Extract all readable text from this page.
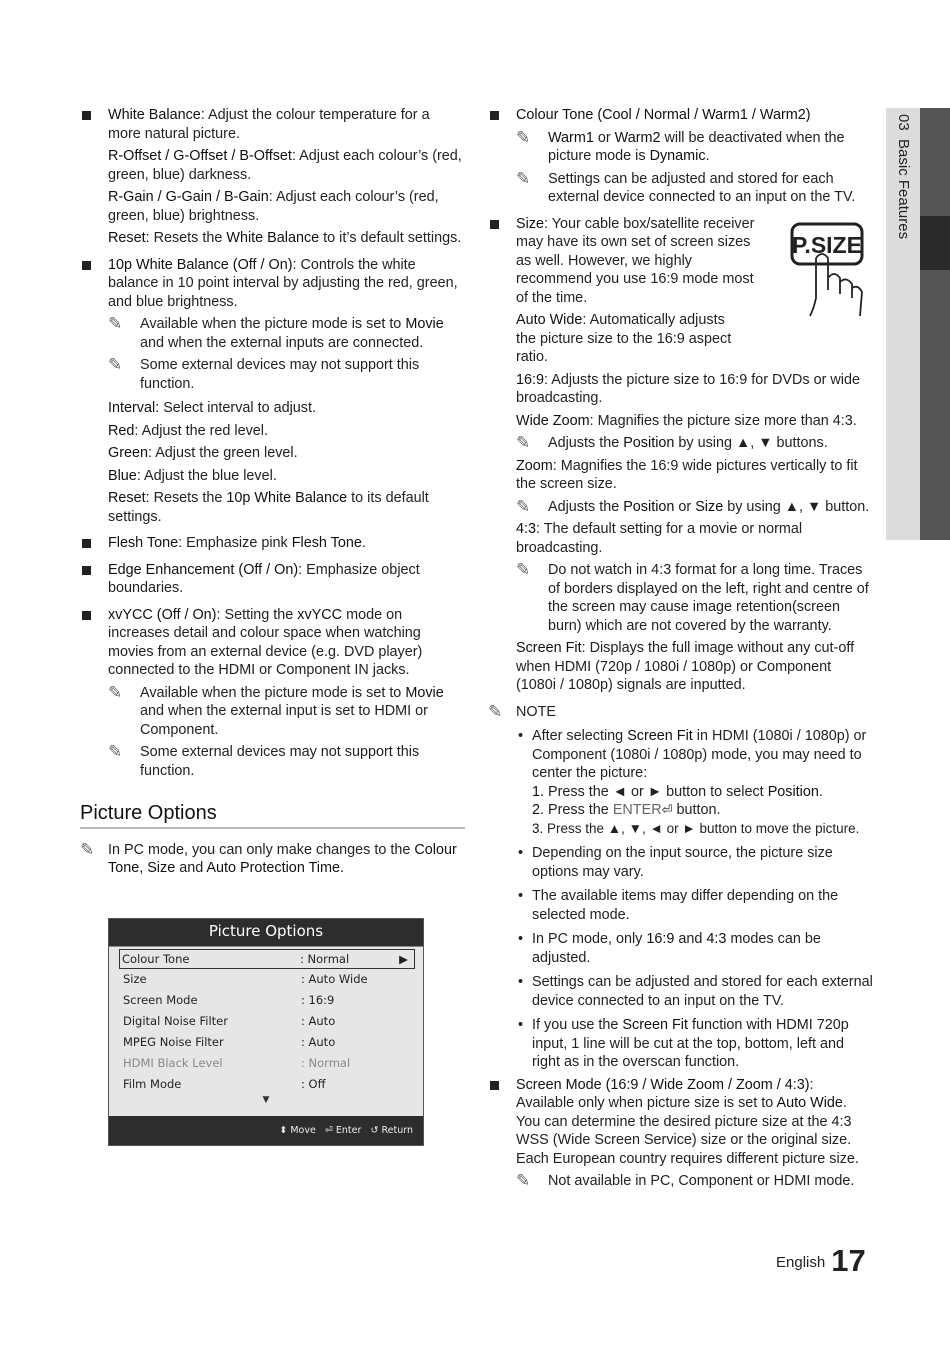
03  Basic Features
White Balance: Adjust the colour temperature for a more natural picture.
R-Offset / G-Offset / B-Offset: Adjust each colour’s (red, green, blue) darkness.
R-Gain / G-Gain / B-Gain: Adjust each colour’s (red, green, blue) brightness.
Reset: Resets the White Balance to it’s default settings.
10p White Balance (Off / On): Controls the white balance in 10 point interval by adjusting the red, green, and blue brightness.
✎ Available when the picture mode is set to Movie and when the external inputs are connected.
✎ Some external devices may not support this function.
Interval: Select interval to adjust.
Red: Adjust the red level.
Green: Adjust the green level.
Blue: Adjust the blue level.
Reset: Resets the 10p White Balance to its default settings.
Flesh Tone: Emphasize pink Flesh Tone.
Edge Enhancement (Off / On): Emphasize object boundaries.
xvYCC (Off / On): Setting the xvYCC mode on increases detail and colour space when watching movies from an external device (e.g. DVD player) connected to the HDMI or Component IN jacks.
✎ Available when the picture mode is set to Movie and when the external input is set to HDMI or Component.
✎ Some external devices may not support this function.
Picture Options
✎ In PC mode, you can only make changes to the Colour Tone, Size and Auto Protection Time.
Picture Options
Colour Tone	: Normal	▶
Size	: Auto Wide
Screen Mode	: 16:9
Digital Noise Filter	: Auto
MPEG Noise Filter	: Auto
HDMI Black Level	: Normal
Film Mode	: Off
▼
⬍ Move ⏎ Enter ↺ Return
Colour Tone (Cool / Normal / Warm1 / Warm2)
✎ Warm1 or Warm2 will be deactivated when the picture mode is Dynamic.
✎ Settings can be adjusted and stored for each external device connected to an input on the TV.
Size: Your cable box/satellite receiver may have its own set of screen sizes as well. However, we highly recommend you use 16:9 mode most of the time.
Auto Wide: Automatically adjusts the picture size to the 16:9 aspect ratio.
16:9: Adjusts the picture size to 16:9 for DVDs or wide broadcasting.
Wide Zoom: Magnifies the picture size more than 4:3.
✎ Adjusts the Position by using ▲, ▼ buttons.
Zoom: Magnifies the 16:9 wide pictures vertically to fit the screen size.
✎ Adjusts the Position or Size by using ▲, ▼ button.
4:3: The default setting for a movie or normal broadcasting.
✎ Do not watch in 4:3 format for a long time. Traces of borders displayed on the left, right and centre of the screen may cause image retention(screen burn) which are not covered by the warranty.
Screen Fit: Displays the full image without any cut-off when HDMI (720p / 1080i / 1080p) or Component (1080i / 1080p) signals are inputted.
✎ NOTE
• After selecting Screen Fit in HDMI (1080i / 1080p) or Component (1080i / 1080p) mode, you may need to center the picture:
1. Press the ◄ or ► button to select Position.
2. Press the ENTER⏎ button.
3. Press the ▲, ▼, ◄ or ► button to move the picture.
• Depending on the input source, the picture size options may vary.
• The available items may differ depending on the selected mode.
• In PC mode, only 16:9 and 4:3 modes can be adjusted.
• Settings can be adjusted and stored for each external device connected to an input on the TV.
• If you use the Screen Fit function with HDMI 720p input, 1 line will be cut at the top, bottom, left and right as in the overscan function.
Screen Mode (16:9 / Wide Zoom / Zoom / 4:3): Available only when picture size is set to Auto Wide. You can determine the desired picture size at the 4:3 WSS (Wide Screen Service) size or the original size. Each European country requires different picture size.
✎ Not available in PC, Component or HDMI mode.
P.SIZE
English 17
